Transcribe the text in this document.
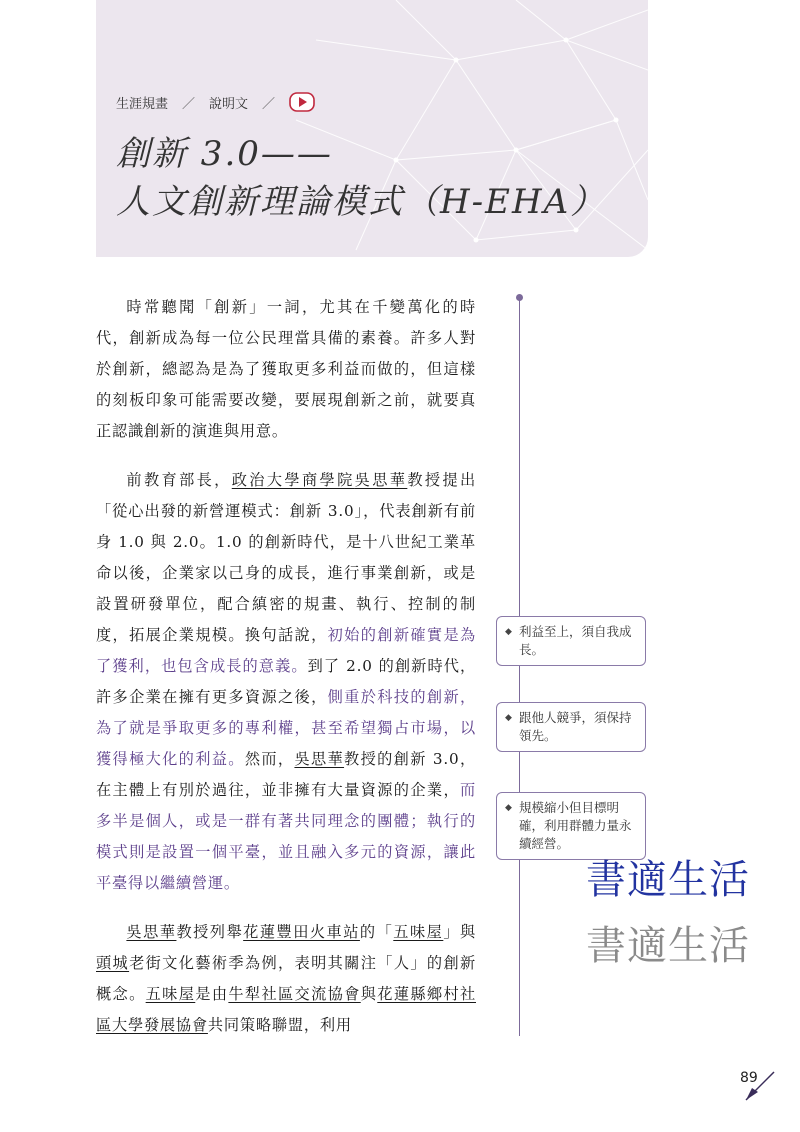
生涯規畫 ／ 說明文 ／
創新 3.0——
人文創新理論模式（H-EHA）

時常聽聞「創新」一詞，尤其在千變萬化的時代，創新成為每一位公民理當具備的素養。許多人對於創新，總認為是為了獲取更多利益而做的，但這樣的刻板印象可能需要改變，要展現創新之前，就要真正認識創新的演進與用意。

前教育部長，政治大學商學院吳思華教授提出「從心出發的新營運模式：創新 3.0」，代表創新有前身 1.0 與 2.0。1.0 的創新時代，是十八世紀工業革命以後，企業家以己身的成長，進行事業創新，或是設置研發單位，配合縝密的規畫、執行、控制的制度，拓展企業規模。換句話說，初始的創新確實是為了獲利，也包含成長的意義。到了 2.0 的創新時代，許多企業在擁有更多資源之後，側重於科技的創新，為了就是爭取更多的專利權，甚至希望獨占市場，以獲得極大化的利益。然而，吳思華教授的創新 3.0，在主體上有別於過往，並非擁有大量資源的企業，而多半是個人，或是一群有著共同理念的團體；執行的模式則是設置一個平臺，並且融入多元的資源，讓此平臺得以繼續營運。

吳思華教授列舉花蓮豐田火車站的「五味屋」與頭城老街文化藝術季為例，表明其關注「人」的創新概念。五味屋是由牛犁社區交流協會與花蓮縣鄉村社區大學發展協會共同策略聯盟，利用

◆ 利益至上，須自我成長。
◆ 跟他人競爭，須保持領先。
◆ 規模縮小但目標明確，利用群體力量永續經營。
書適生活
書適生活
89
